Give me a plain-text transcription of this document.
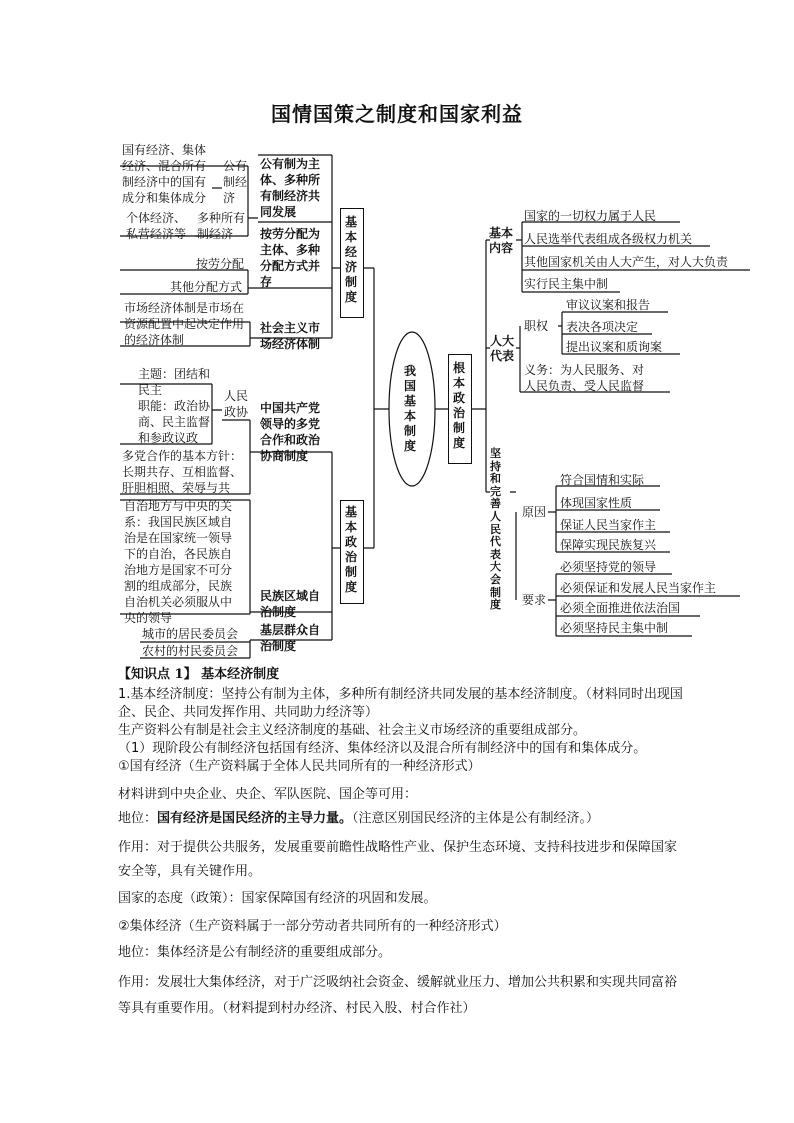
国情国策之制度和国家利益
我
国
基
本
制
度
基
本
经
济
制
度
基
本
政
治
制
度
公有制为主
体、多种所
有制经济共
同发展
公有
制经
济
国有经济、集体
经济、混合所有
制经济中的国有
成分和集体成分
多种所有
制经济
个体经济、
私营经济等	按劳分配为
主体、多种
分配方式并
存
按劳分配
其他分配方式
社会主义市
场经济体制
市场经济体制是市场在
资源配置中起决定作用
的经济体制
中国共产党
领导的多党
合作和政治
协商制度
人民
政协
主题：团结和
民主
职能：政治协
商、民主监督
和参政议政
多党合作的基本方针：
长期共存、互相监督、
肝胆相照、荣辱与共
民族区域自
治制度
自治地方与中央的关
系：我国民族区域自
治是在国家统一领导
下的自治，各民族自
治地方是国家不可分
割的组成部分，民族
自治机关必须服从中
央的领导
基层群众自
治制度
城市的居民委员会
农村的村民委员会
根
本
政
治
制
度
基本
内容
国家的一切权力属于人民
人民选举代表组成各级权力机关
其他国家机关由人大产生，对人大负责
实行民主集中制
人大
代表
职权
审议议案和报告
表决各项决定
提出议案和质询案
义务：为人民服务、对
人民负责、受人民监督
坚
持
和
完
善
人
民
代
表
大
会
制
度
原因
符合国情和实际
体现国家性质
保证人民当家作主
保障实现民族复兴
要求
必须坚持党的领导
必须保证和发展人民当家作主
必须全面推进依法治国
必须坚持民主集中制
【知识点 1】 基本经济制度
1.基本经济制度：坚持公有制为主体，多种所有制经济共同发展的基本经济制度。（材料同时出现国企、民企、共同发挥作用、共同助力经济等）
生产资料公有制是社会主义经济制度的基础、社会主义市场经济的重要组成部分。
（1）现阶段公有制经济包括国有经济、集体经济以及混合所有制经济中的国有和集体成分。
①国有经济（生产资料属于全体人民共同所有的一种经济形式）
材料讲到中央企业、央企、军队医院、国企等可用：
地位：国有经济是国民经济的主导力量。（注意区别国民经济的主体是公有制经济。）
作用：对于提供公共服务，发展重要前瞻性战略性产业、保护生态环境、支持科技进步和保障国家安全等，具有关键作用。
国家的态度（政策）：国家保障国有经济的巩固和发展。
②集体经济（生产资料属于一部分劳动者共同所有的一种经济形式）
地位：集体经济是公有制经济的重要组成部分。
作用：发展壮大集体经济，对于广泛吸纳社会资金、缓解就业压力、增加公共积累和实现共同富裕等具有重要作用。（材料提到村办经济、村民入股、村合作社）
